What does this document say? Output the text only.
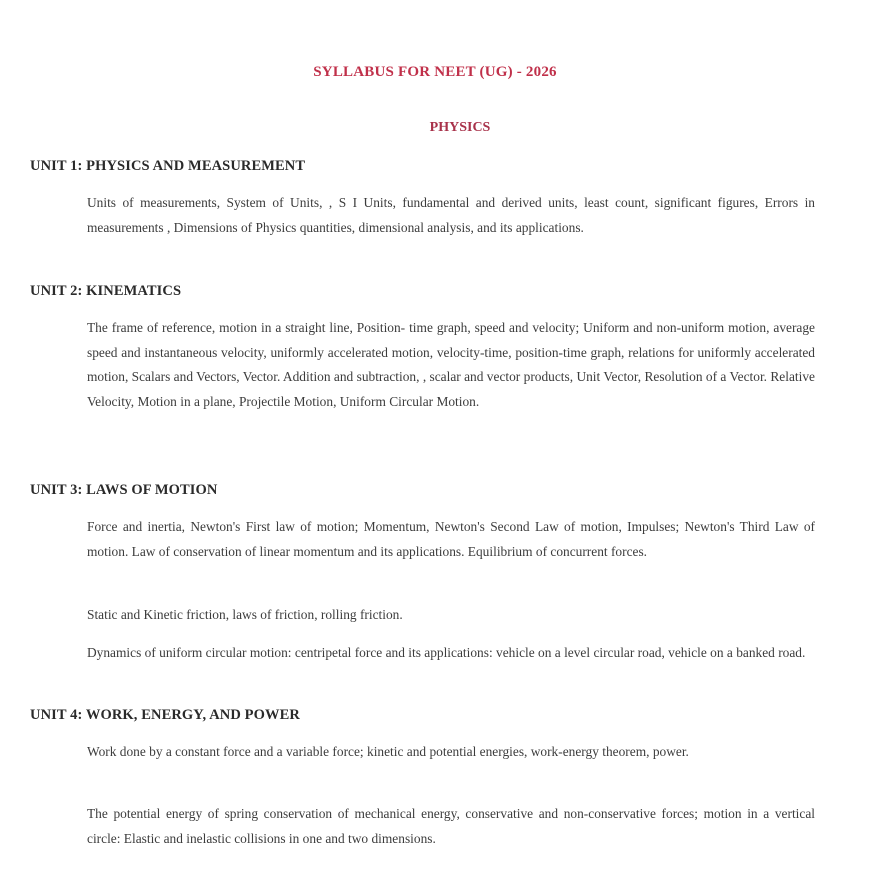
SYLLABUS FOR NEET (UG) - 2026
PHYSICS
UNIT 1: PHYSICS AND MEASUREMENT
Units of measurements, System of Units, , S I Units, fundamental and derived units, least count, significant figures, Errors in measurements , Dimensions of Physics quantities, dimensional analysis, and its applications.
UNIT 2: KINEMATICS
The frame of reference, motion in a straight line, Position- time graph, speed and velocity; Uniform and non-uniform motion, average speed and instantaneous velocity, uniformly accelerated motion, velocity-time, position-time graph, relations for uniformly accelerated motion, Scalars and Vectors, Vector. Addition and subtraction, , scalar and vector products, Unit Vector, Resolution of a Vector. Relative Velocity, Motion in a plane, Projectile Motion, Uniform Circular Motion.
UNIT 3: LAWS OF MOTION
Force and inertia, Newton's First law of motion; Momentum, Newton's Second Law of motion, Impulses; Newton's Third Law of motion. Law of conservation of linear momentum and its applications. Equilibrium of concurrent forces.
Static and Kinetic friction, laws of friction, rolling friction.
Dynamics of uniform circular motion: centripetal force and its applications: vehicle on a level circular road, vehicle on a banked road.
UNIT 4: WORK, ENERGY, AND POWER
Work done by a constant force and a variable force; kinetic and potential energies, work-energy theorem, power.
The potential energy of spring conservation of mechanical energy, conservative and non-conservative forces; motion in a vertical circle: Elastic and inelastic collisions in one and two dimensions.
